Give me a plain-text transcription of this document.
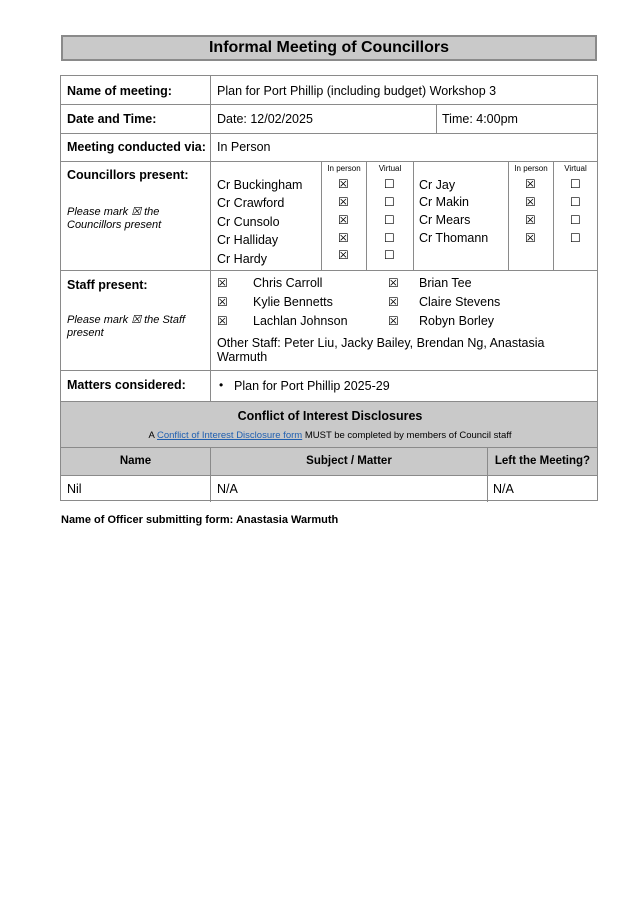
Informal Meeting of Councillors
Name of meeting:	Plan for Port Phillip (including budget) Workshop 3
Date and Time:	Date: 12/02/2025	Time: 4:00pm
Meeting conducted via: In Person
Councillors present:
Please mark ☒ the Councillors present
In person	Virtual	In person	Virtual
Cr Buckingham	☒	☐
Cr Crawford	☒	☐
Cr Cunsolo	☒	☐
Cr Halliday	☒	☐
Cr Hardy	☒	☐
Cr Jay	☒	☐
Cr Makin	☒	☐
Cr Mears	☒	☐
Cr Thomann	☒	☐
Staff present:
Please mark ☒ the Staff present
☒ Chris Carroll
☒ Kylie Bennetts
☒ Lachlan Johnson
☒ Brian Tee
☒ Claire Stevens
☒ Robyn Borley
Other Staff: Peter Liu, Jacky Bailey, Brendan Ng, Anastasia
Warmuth
Matters considered:	• Plan for Port Phillip 2025-29
Conflict of Interest Disclosures
A Conflict of Interest Disclosure form MUST be completed by members of Council staff
Name	Subject / Matter	Left the Meeting?
Nil	N/A	N/A
Name of Officer submitting form: Anastasia Warmuth
